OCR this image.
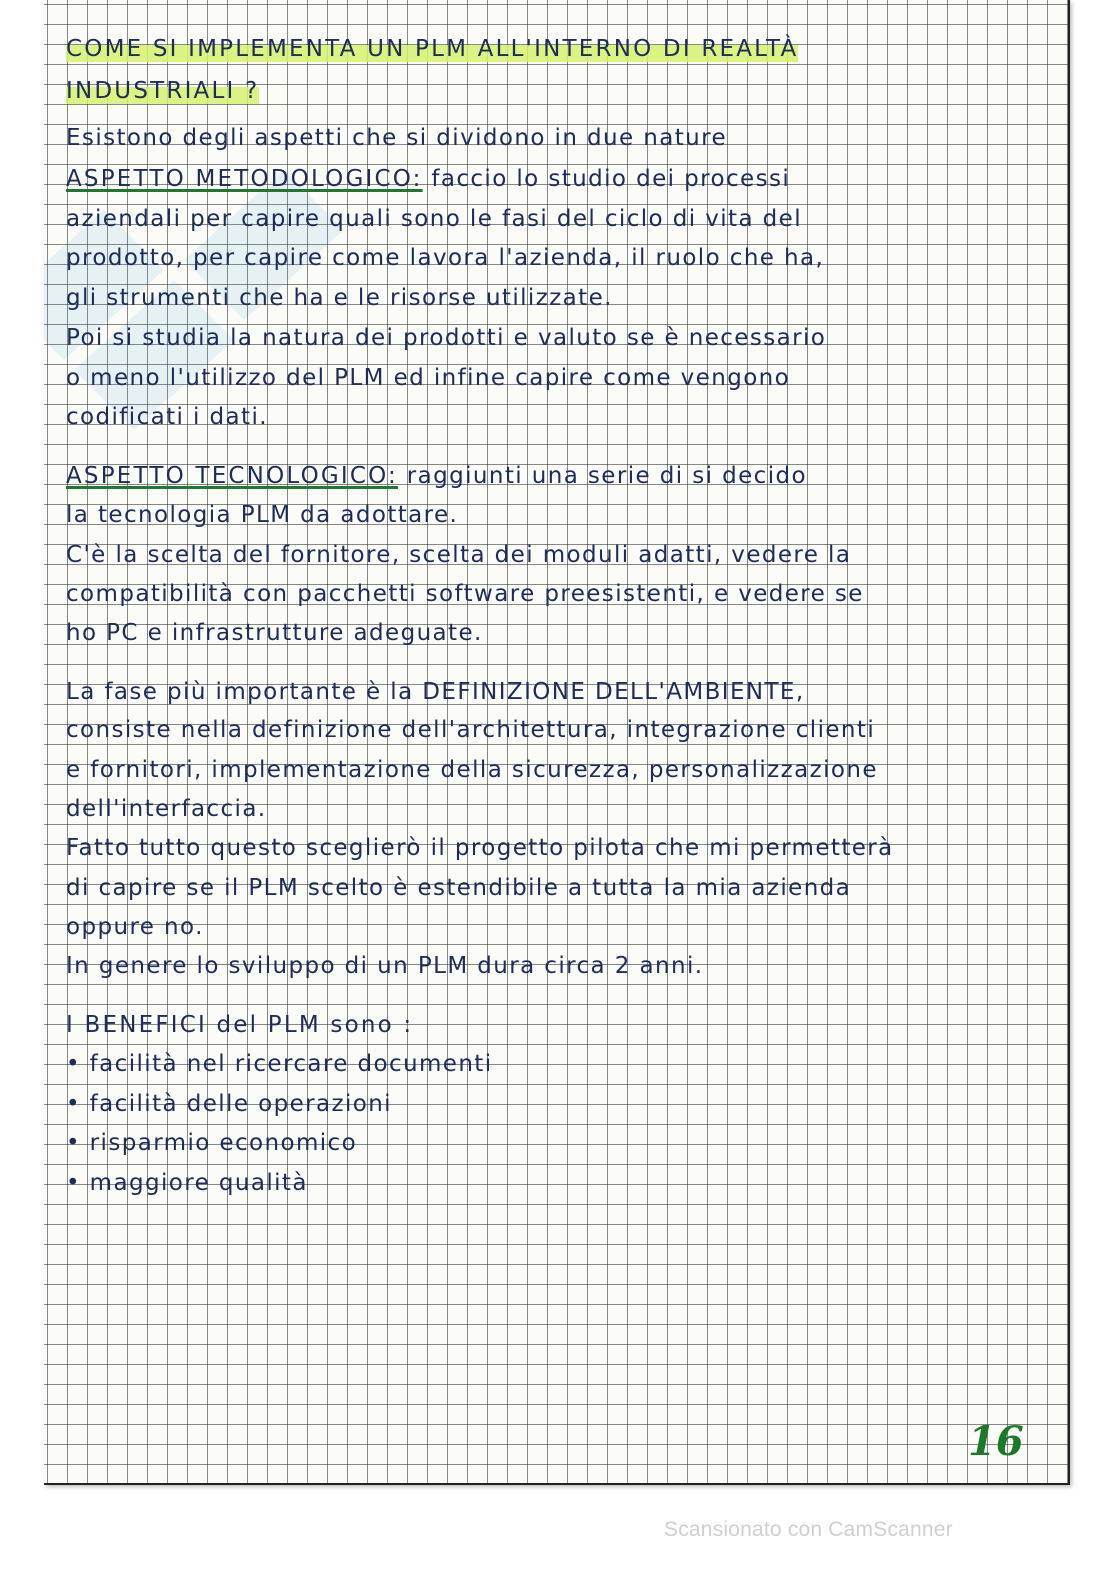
COME SI IMPLEMENTA UN PLM ALL'INTERNO DI REALTÀ
INDUSTRIALI ?
Esistono degli aspetti che si dividono in due nature
ASPETTO METODOLOGICO: faccio lo studio dei processi
aziendali per capire quali sono le fasi del ciclo di vita del
prodotto, per capire come lavora l'azienda, il ruolo che ha,
gli strumenti che ha e le risorse utilizzate.
Poi si studia la natura dei prodotti e valuto se è necessario
o meno l'utilizzo del PLM ed infine capire come vengono
codificati i dati.
ASPETTO TECNOLOGICO: raggiunti una serie di si decido
la tecnologia PLM da adottare.
C'è la scelta del fornitore, scelta dei moduli adatti, vedere la
compatibilità con pacchetti software preesistenti, e vedere se
ho PC e infrastrutture adeguate.
La fase più importante è la DEFINIZIONE DELL'AMBIENTE,
consiste nella definizione dell'architettura, integrazione clienti
e fornitori, implementazione della sicurezza, personalizzazione
dell'interfaccia.
Fatto tutto questo sceglierò il progetto pilota che mi permetterà
di capire se il PLM scelto è estendibile a tutta la mia azienda
oppure no.
In genere lo sviluppo di un PLM dura circa 2 anni.
I BENEFICI del PLM sono :
• facilità nel ricercare documenti
• facilità delle operazioni
• risparmio economico
• maggiore qualità
16
Scansionato con CamScanner
